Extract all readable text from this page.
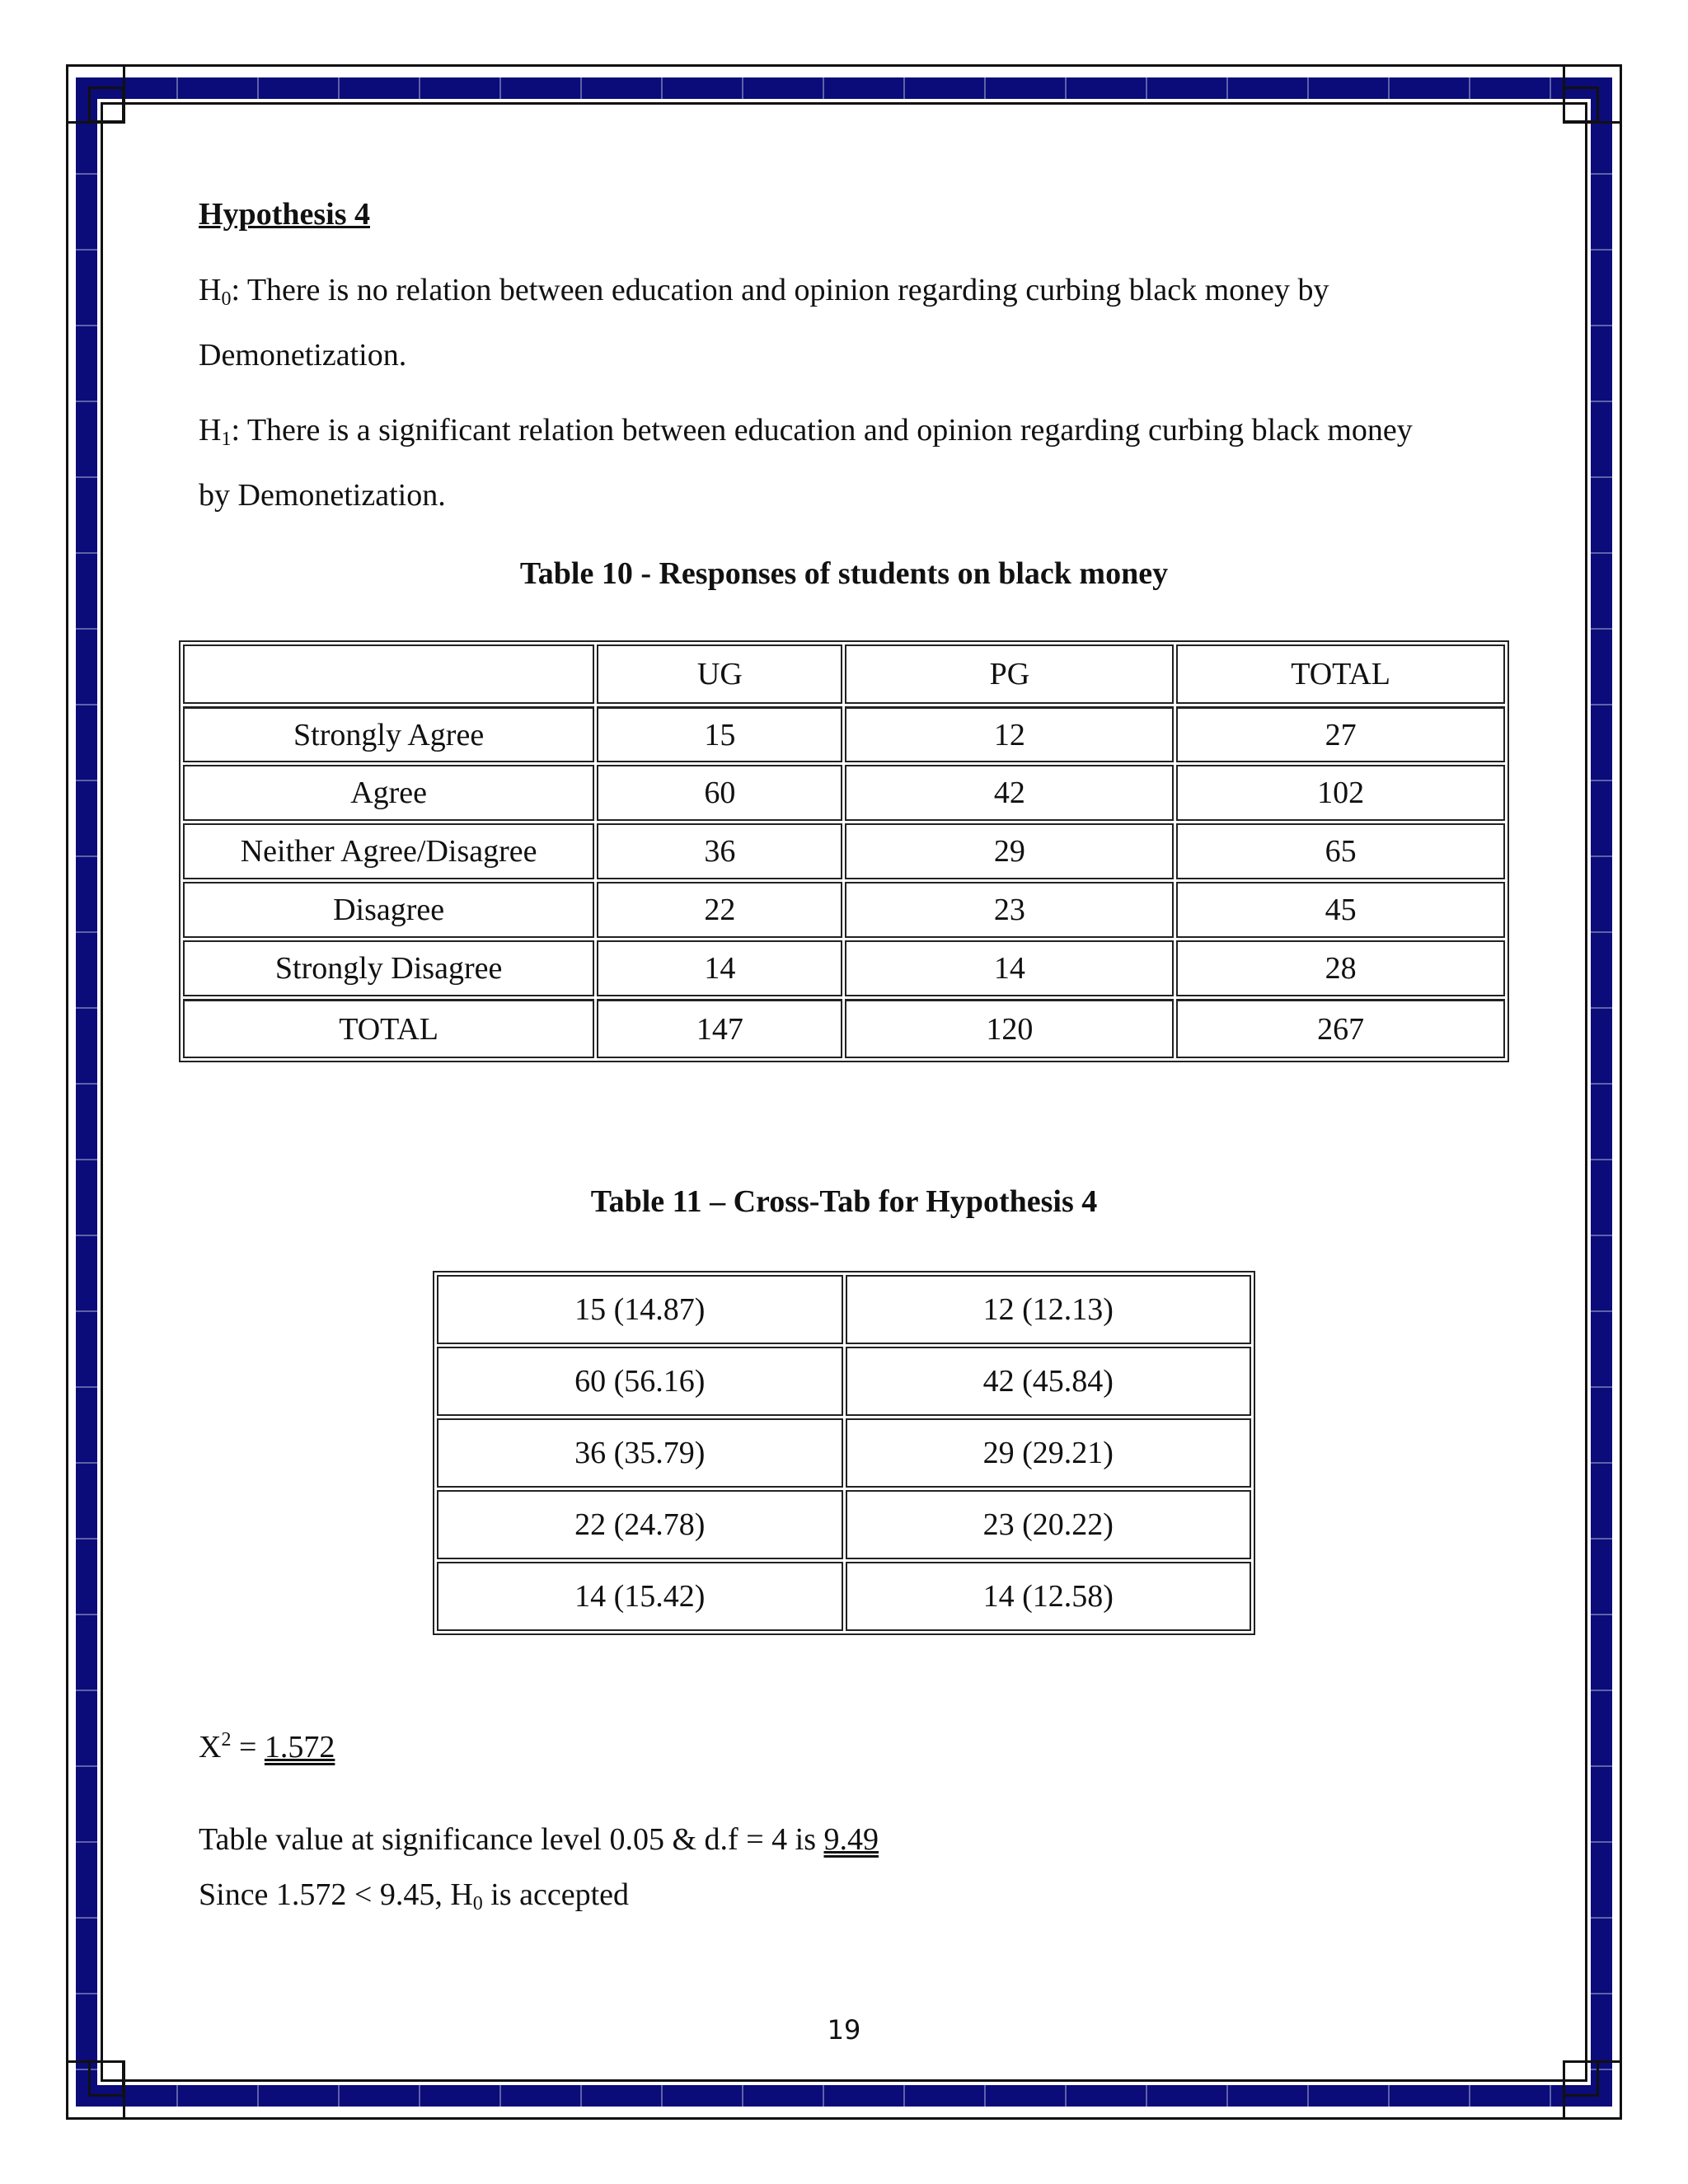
Hypothesis 4
$H_0$: There is no relation between education and opinion regarding curbing black money by
Demonetization.
$H_1$: There is a significant relation between education and opinion regarding curbing black money
by Demonetization.
Table 10 - Responses of students on black money
	UG	PG	TOTAL
Strongly Agree	15	12	27
Agree	60	42	102
Neither Agree/Disagree	36	29	65
Disagree	22	23	45
Strongly Disagree	14	14	28
TOTAL	147	120	267
Table 11 – Cross-Tab for Hypothesis 4
15 (14.87)	12 (12.13)
60 (56.16)	42 (45.84)
36 (35.79)	29 (29.21)
22 (24.78)	23 (20.22)
14 (15.42)	14 (12.58)
$X^2 = 1.572$
Table value at significance level 0.05 & d.f = 4 is 9.49
Since 1.572 < 9.45, $H_0$ is accepted
19
